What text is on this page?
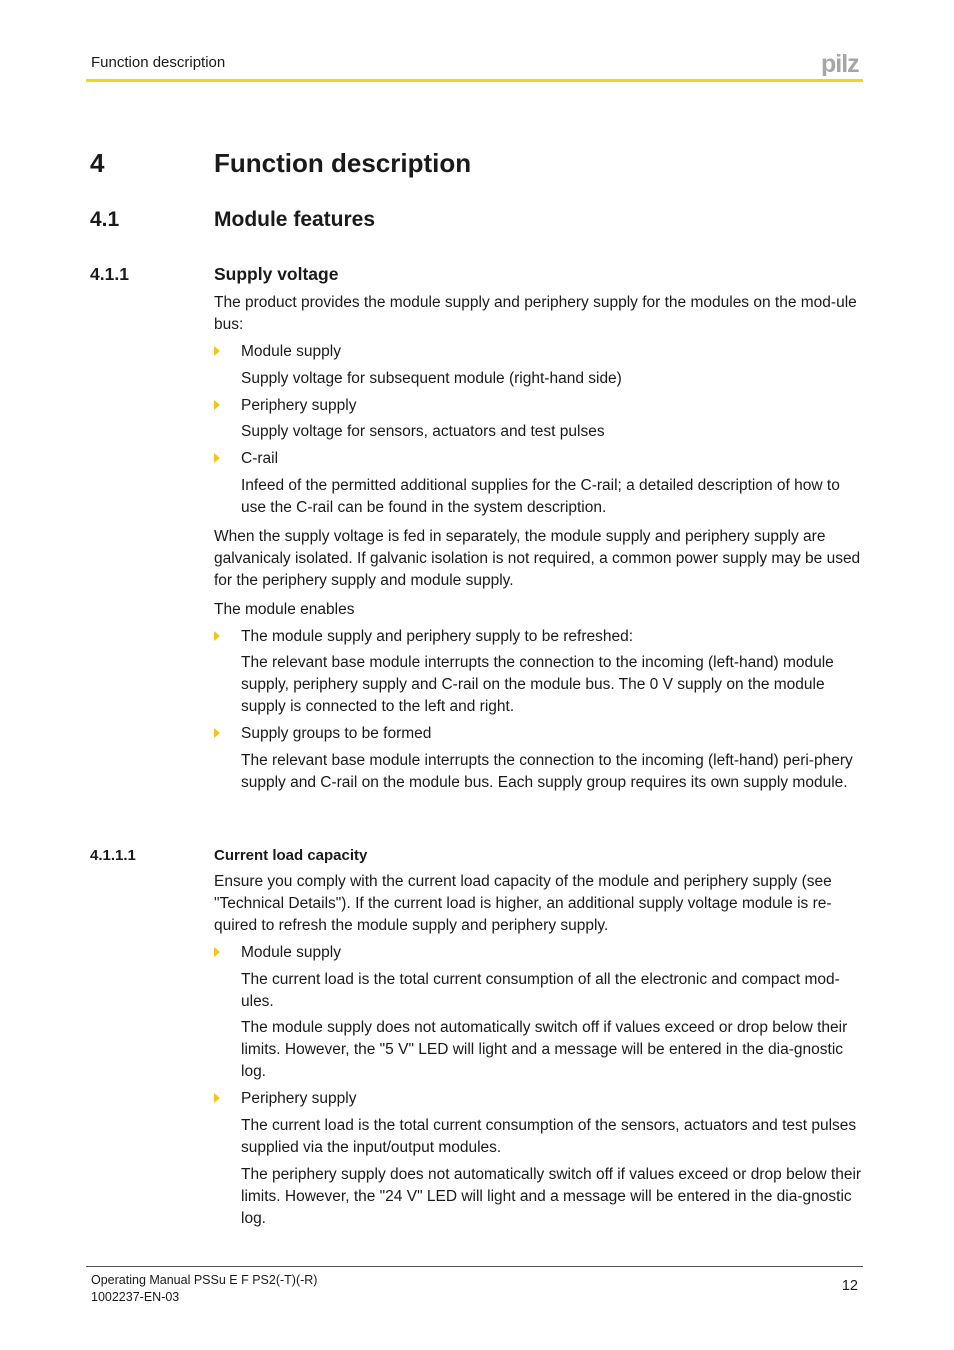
Function description	pilz
4	Function description
4.1	Module features
4.1.1	Supply voltage
The product provides the module supply and periphery supply for the modules on the mod-ule bus:
Module supply
Supply voltage for subsequent module (right-hand side)
Periphery supply
Supply voltage for sensors, actuators and test pulses
C-rail
Infeed of the permitted additional supplies for the C-rail; a detailed description of how to use the C-rail can be found in the system description.
When the supply voltage is fed in separately, the module supply and periphery supply are galvanicaly isolated. If galvanic isolation is not required, a common power supply may be used for the periphery supply and module supply.
The module enables
The module supply and periphery supply to be refreshed:
The relevant base module interrupts the connection to the incoming (left-hand) module supply, periphery supply and C-rail on the module bus. The 0 V supply on the module supply is connected to the left and right.
Supply groups to be formed
The relevant base module interrupts the connection to the incoming (left-hand) peri-phery supply and C-rail on the module bus. Each supply group requires its own supply module.
4.1.1.1	Current load capacity
Ensure you comply with the current load capacity of the module and periphery supply (see "Technical Details"). If the current load is higher, an additional supply voltage module is re-quired to refresh the module supply and periphery supply.
Module supply
The current load is the total current consumption of all the electronic and compact mod-ules.
The module supply does not automatically switch off if values exceed or drop below their limits. However, the "5 V" LED will light and a message will be entered in the dia-gnostic log.
Periphery supply
The current load is the total current consumption of the sensors, actuators and test pulses supplied via the input/output modules.
The periphery supply does not automatically switch off if values exceed or drop below their limits. However, the "24 V" LED will light and a message will be entered in the dia-gnostic log.
Operating Manual PSSu E F PS2(-T)(-R)
1002237-EN-03
12
